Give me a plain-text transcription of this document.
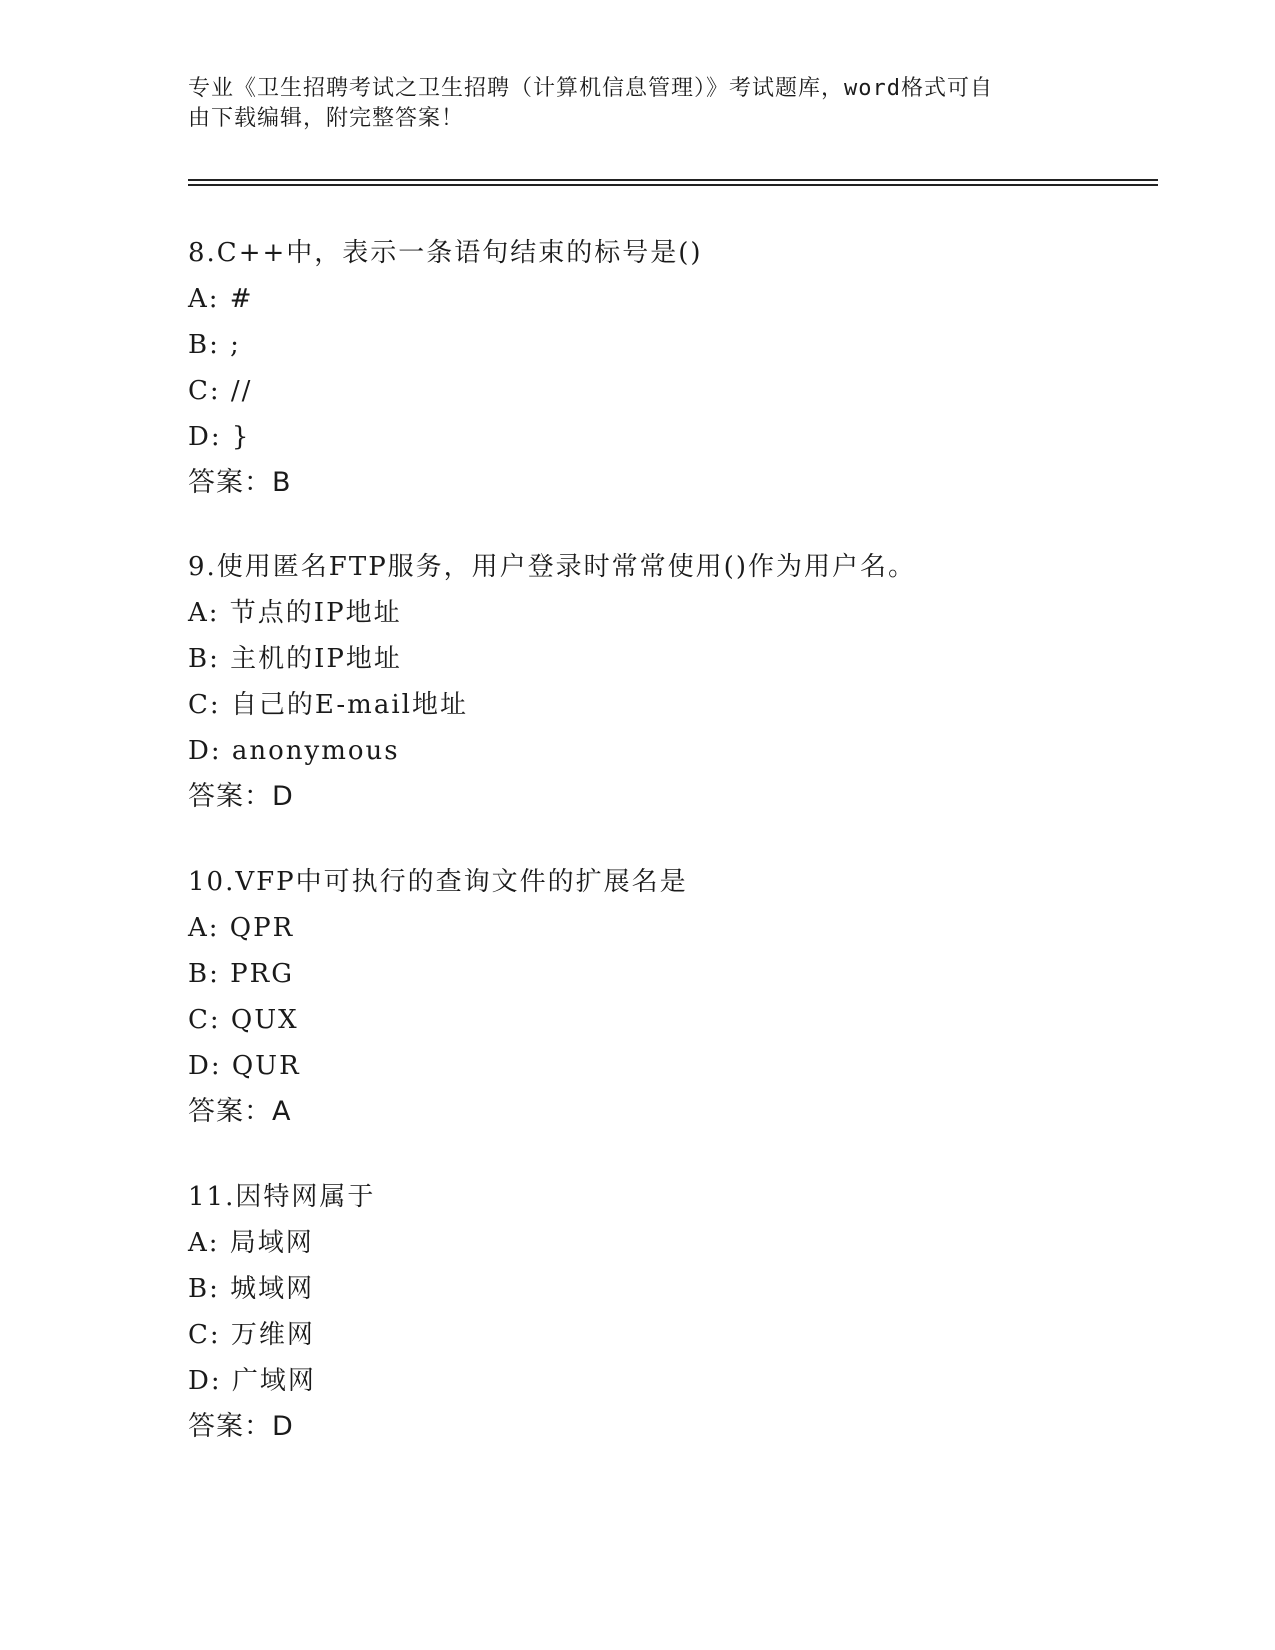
专业《卫生招聘考试之卫生招聘（计算机信息管理）》考试题库，word格式可自
由下载编辑，附完整答案！
8.C++中，表示一条语句结束的标号是()
A: #
B: ;
C: //
D: }
答案：B
9.使用匿名FTP服务，用户登录时常常使用()作为用户名。
A: 节点的IP地址
B: 主机的IP地址
C: 自己的E-mail地址
D: anonymous
答案：D
10.VFP中可执行的查询文件的扩展名是
A: QPR
B: PRG
C: QUX
D: QUR
答案：A
11.因特网属于
A: 局域网
B: 城域网
C: 万维网
D: 广域网
答案：D
